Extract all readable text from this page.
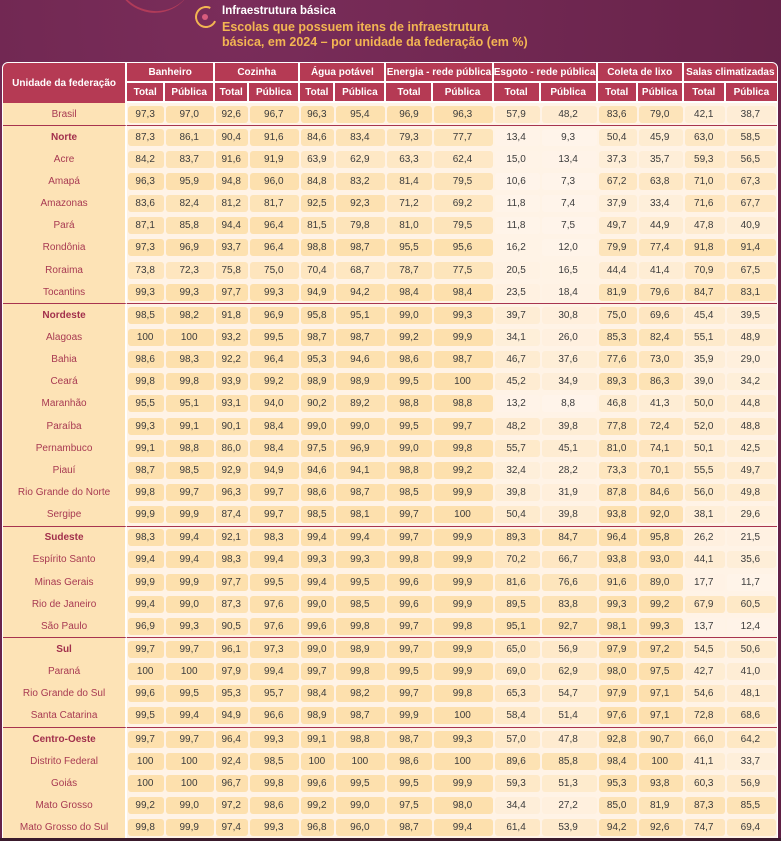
Infraestrutura básica
Escolas que possuem itens de infraestrutura
básica, em 2024 – por unidade da federação (em %)
Unidade da federação	Banheiro		Cozinha		Água potável		Energia - rede pública		Esgoto - rede pública		Coleta de lixo		Salas climatizadas	
	Total	Pública	Total	Pública	Total	Pública	Total	Pública	Total	Pública	Total	Pública	Total	Pública
Brasil	97,3	97,0	92,6	96,7	96,3	95,4	96,9	96,3	57,9	48,2	83,6	79,0	42,1	38,7

Norte	87,3	86,1	90,4	91,6	84,6	83,4	79,3	77,7	13,4	9,3	50,4	45,9	63,0	58,5

Acre	84,2	83,7	91,6	91,9	63,9	62,9	63,3	62,4	15,0	13,4	37,3	35,7	59,3	56,5

Amapá	96,3	95,9	94,8	96,0	84,8	83,2	81,4	79,5	10,6	7,3	67,2	63,8	71,0	67,3

Amazonas	83,6	82,4	81,2	81,7	92,5	92,3	71,2	69,2	11,8	7,4	37,9	33,4	71,6	67,7

Pará	87,1	85,8	94,4	96,4	81,5	79,8	81,0	79,5	11,8	7,5	49,7	44,9	47,8	40,9

Rondônia	97,3	96,9	93,7	96,4	98,8	98,7	95,5	95,6	16,2	12,0	79,9	77,4	91,8	91,4

Roraima	73,8	72,3	75,8	75,0	70,4	68,7	78,7	77,5	20,5	16,5	44,4	41,4	70,9	67,5

Tocantins	99,3	99,3	97,7	99,3	94,9	94,2	98,4	98,4	23,5	18,4	81,9	79,6	84,7	83,1

Nordeste	98,5	98,2	91,8	96,9	95,8	95,1	99,0	99,3	39,7	30,8	75,0	69,6	45,4	39,5

Alagoas	100	100	93,2	99,5	98,7	98,7	99,2	99,9	34,1	26,0	85,3	82,4	55,1	48,9

Bahia	98,6	98,3	92,2	96,4	95,3	94,6	98,6	98,7	46,7	37,6	77,6	73,0	35,9	29,0

Ceará	99,8	99,8	93,9	99,2	98,9	98,9	99,5	100	45,2	34,9	89,3	86,3	39,0	34,2

Maranhão	95,5	95,1	93,1	94,0	90,2	89,2	98,8	98,8	13,2	8,8	46,8	41,3	50,0	44,8

Paraíba	99,3	99,1	90,1	98,4	99,0	99,0	99,5	99,7	48,2	39,8	77,8	72,4	52,0	48,8

Pernambuco	99,1	98,8	86,0	98,4	97,5	96,9	99,0	99,8	55,7	45,1	81,0	74,1	50,1	42,5

Piauí	98,7	98,5	92,9	94,9	94,6	94,1	98,8	99,2	32,4	28,2	73,3	70,1	55,5	49,7

Rio Grande do Norte	99,8	99,7	96,3	99,7	98,6	98,7	98,5	99,9	39,8	31,9	87,8	84,6	56,0	49,8

Sergipe	99,9	99,9	87,4	99,7	98,5	98,1	99,7	100	50,4	39,8	93,8	92,0	38,1	29,6

Sudeste	98,3	99,4	92,1	98,3	99,4	99,4	99,7	99,9	89,3	84,7	96,4	95,8	26,2	21,5

Espírito Santo	99,4	99,4	98,3	99,4	99,3	99,3	99,8	99,9	70,2	66,7	93,8	93,0	44,1	35,6

Minas Gerais	99,9	99,9	97,7	99,5	99,4	99,5	99,6	99,9	81,6	76,6	91,6	89,0	17,7	11,7

Rio de Janeiro	99,4	99,0	87,3	97,6	99,0	98,5	99,6	99,9	89,5	83,8	99,3	99,2	67,9	60,5

São Paulo	96,9	99,3	90,5	97,6	99,6	99,8	99,7	99,8	95,1	92,7	98,1	99,3	13,7	12,4

Sul	99,7	99,7	96,1	97,3	99,0	98,9	99,7	99,9	65,0	56,9	97,9	97,2	54,5	50,6

Paraná	100	100	97,9	99,4	99,7	99,8	99,5	99,9	69,0	62,9	98,0	97,5	42,7	41,0

Rio Grande do Sul	99,6	99,5	95,3	95,7	98,4	98,2	99,7	99,8	65,3	54,7	97,9	97,1	54,6	48,1

Santa Catarina	99,5	99,4	94,9	96,6	98,9	98,7	99,9	100	58,4	51,4	97,6	97,1	72,8	68,6

Centro-Oeste	99,7	99,7	96,4	99,3	99,1	98,8	98,7	99,3	57,0	47,8	92,8	90,7	66,0	64,2

Distrito Federal	100	100	92,4	98,5	100	100	98,6	100	89,6	85,8	98,4	100	41,1	33,7

Goiás	100	100	96,7	99,8	99,6	99,5	99,5	99,9	59,3	51,3	95,3	93,8	60,3	56,9

Mato Grosso	99,2	99,0	97,2	98,6	99,2	99,0	97,5	98,0	34,4	27,2	85,0	81,9	87,3	85,5

Mato Grosso do Sul	99,8	99,9	97,4	99,3	96,8	96,0	98,7	99,4	61,4	53,9	94,2	92,6	74,7	69,4
